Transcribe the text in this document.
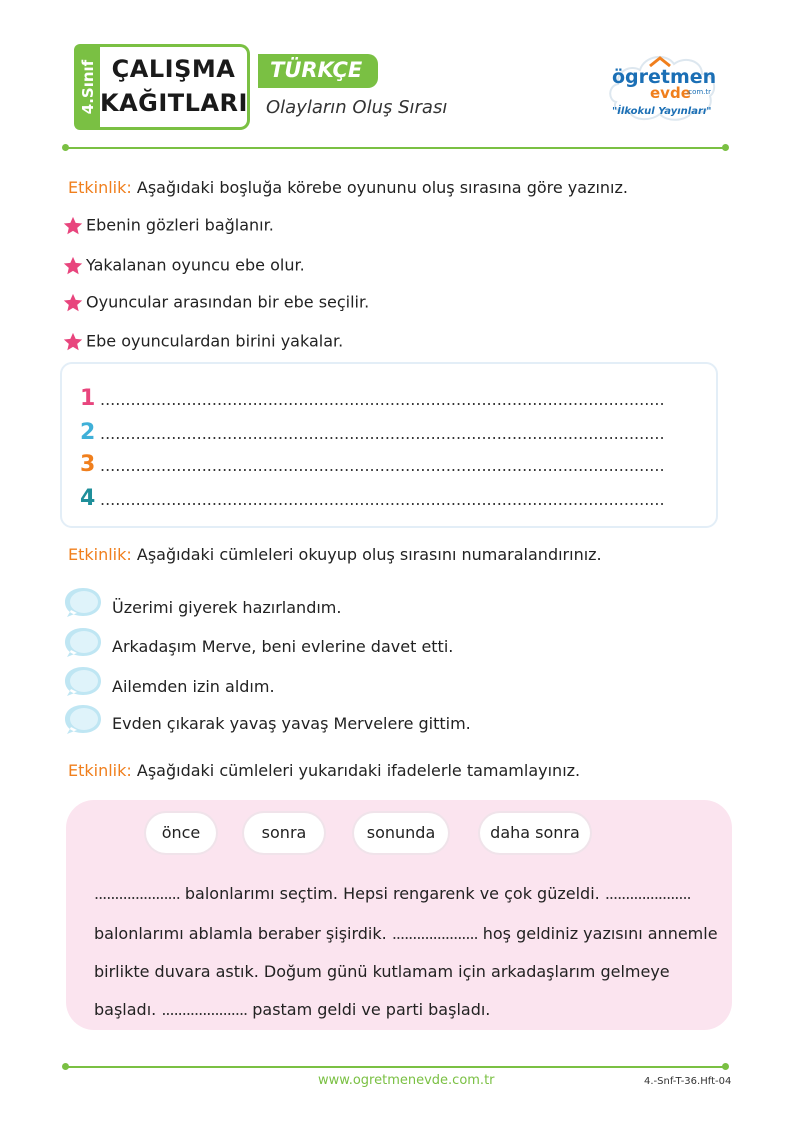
4.Sınıf ÇALIŞMA
KAĞITLARI
TÜRKÇE
Olayların Oluş Sırası
ögretmen
evde
.com.tr
"İlkokul Yayınları"
Etkinlik: Aşağıdaki boşluğa körebe oyununu oluş sırasına göre yazınız.
Ebenin gözleri bağlanır.
Yakalanan oyuncu ebe olur.
Oyuncular arasından bir ebe seçilir.
Ebe oyunculardan birini yakalar.
1 ...............................................................................................................
2 ...............................................................................................................
3 ...............................................................................................................
4 ...............................................................................................................
Etkinlik: Aşağıdaki cümleleri okuyup oluş sırasını numaralandırınız.
Üzerimi giyerek hazırlandım.
Arkadaşım Merve, beni evlerine davet etti.
Ailemden izin aldım.
Evden çıkarak yavaş yavaş Mervelere gittim.
Etkinlik: Aşağıdaki cümleleri yukarıdaki ifadelerle tamamlayınız.
önce	sonra	sonunda	daha sonra
..................... balonlarımı seçtim. Hepsi rengarenk ve çok güzeldi. .....................
balonlarımı ablamla beraber şişirdik. ..................... hoş geldiniz yazısını annemle
birlikte duvara astık. Doğum günü kutlamam için arkadaşlarım gelmeye
başladı. ..................... pastam geldi ve parti başladı.
www.ogretmenevde.com.tr	4.-Snf-T-36.Hft-04
